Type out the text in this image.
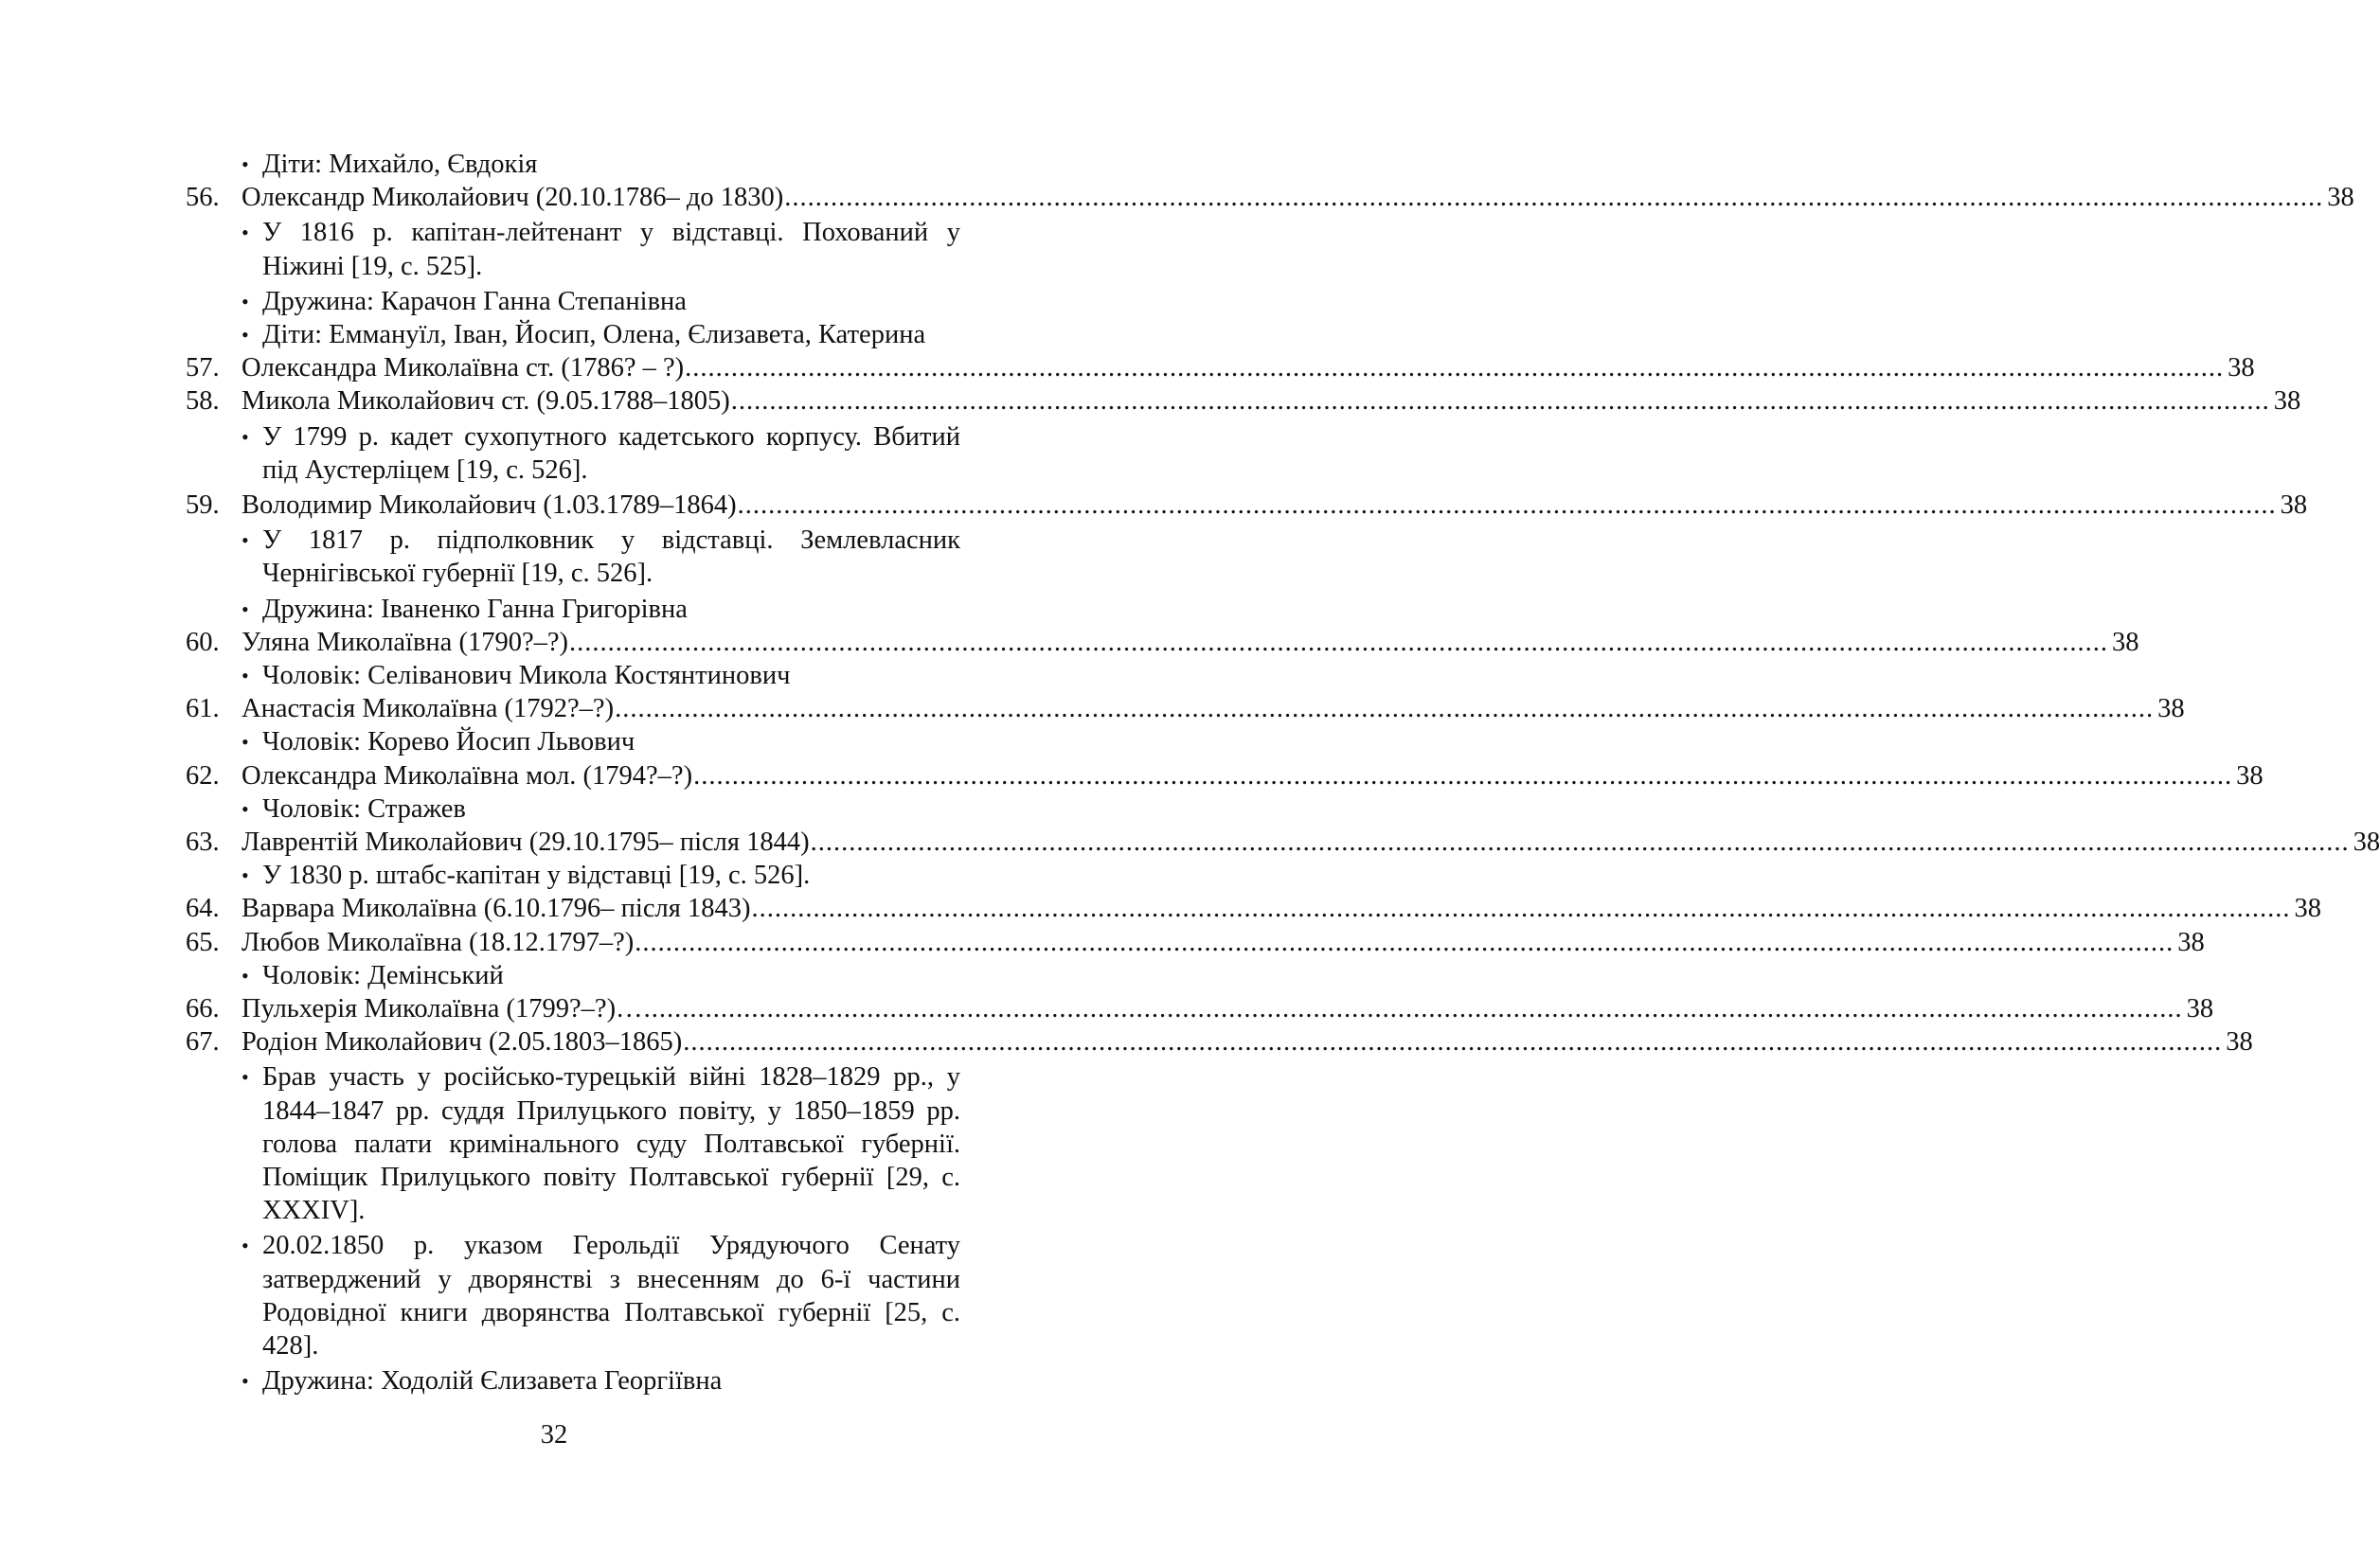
• Діти: Михайло, Євдокія
56. Олександр Миколайович (20.10.1786– до 1830) ........................................................................................................................................................................................................ 38
• У 1816 р. капітан-лейтенант у відставці. Похований у Ніжині [19, с. 525].
• Дружина: Карачон Ганна Степанівна
• Діти: Еммануїл, Іван, Йосип, Олена, Єлизавета, Катерина
57. Олександра Миколаївна ст. (1786? – ?) ........................................................................................................................................................................................................ 38
58. Микола Миколайович ст. (9.05.1788–1805) ........................................................................................................................................................................................................ 38
• У 1799 р. кадет сухопутного кадетського корпусу. Вбитий під Аустерліцем [19, с. 526].
59. Володимир Миколайович (1.03.1789–1864) ........................................................................................................................................................................................................ 38
• У 1817 р. підполковник у відставці. Землевласник Чернігівської губернії [19, с. 526].
• Дружина: Іваненко Ганна Григорівна
60. Уляна Миколаївна (1790?–?) ........................................................................................................................................................................................................ 38
• Чоловік: Селіванович Микола Костянтинович
61. Анастасія Миколаївна (1792?–?) ........................................................................................................................................................................................................ 38
• Чоловік: Корево Йосип Львович
62. Олександра Миколаївна мол. (1794?–?) ........................................................................................................................................................................................................ 38
• Чоловік: Стражев
63. Лаврентій Миколайович (29.10.1795– після 1844) ........................................................................................................................................................................................................ 38
• У 1830 р. штабс-капітан у відставці [19, с. 526].
64. Варвара Миколаївна (6.10.1796– після 1843) ........................................................................................................................................................................................................ 38
65. Любов Миколаївна (18.12.1797–?) ........................................................................................................................................................................................................ 38
• Чоловік: Демінський
66. Пульхерія Миколаївна (1799?–?)… ........................................................................................................................................................................................................ 38
67. Родіон Миколайович (2.05.1803–1865) ........................................................................................................................................................................................................ 38
• Брав участь у російсько-турецькій війні 1828–1829 рр., у 1844–1847 рр. суддя Прилуцького повіту, у 1850–1859 рр. голова палати кримінального суду Полтавської губернії. Поміщик Прилуцького повіту Полтавської губернії [29, с. XXXIV].
• 20.02.1850 р. указом Герольдії Урядуючого Сенату затверджений у дворянстві з внесенням до 6-ї частини Родовідної книги дворянства Полтавської губернії [25, с. 428].
• Дружина: Ходолій Єлизавета Георгіївна
32
